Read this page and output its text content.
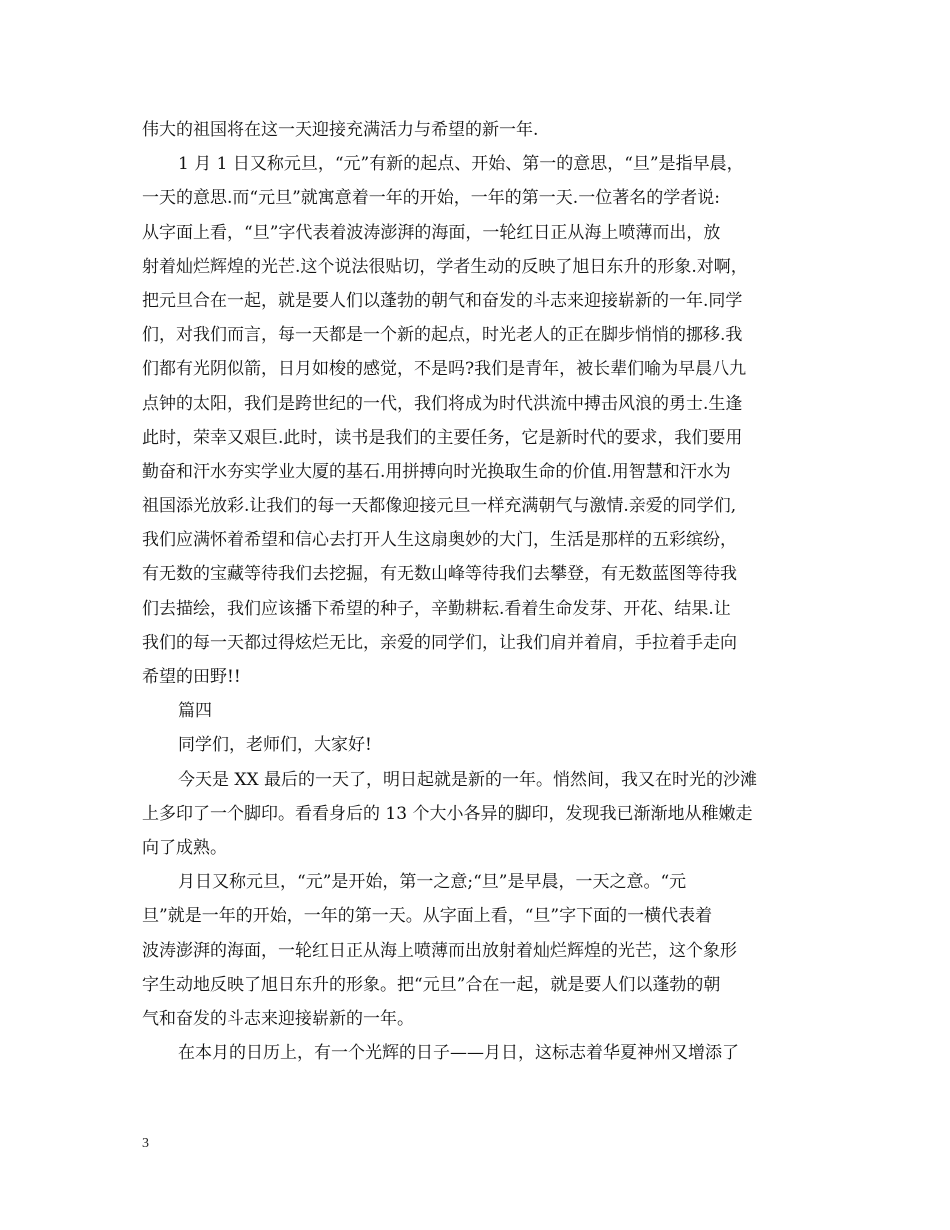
伟大的祖国将在这一天迎接充满活力与希望的新一年.
1 月 1 日又称元旦，“元”有新的起点、开始、第一的意思，“旦”是指早晨，
一天的意思.而“元旦”就寓意着一年的开始，一年的第一天.一位著名的学者说:
从字面上看，“旦”字代表着波涛澎湃的海面，一轮红日正从海上喷薄而出，放
射着灿烂辉煌的光芒.这个说法很贴切，学者生动的反映了旭日东升的形象.对啊，
把元旦合在一起，就是要人们以蓬勃的朝气和奋发的斗志来迎接崭新的一年.同学
们，对我们而言，每一天都是一个新的起点，时光老人的正在脚步悄悄的挪移.我
们都有光阴似箭，日月如梭的感觉，不是吗?我们是青年，被长辈们喻为早晨八九
点钟的太阳，我们是跨世纪的一代，我们将成为时代洪流中搏击风浪的勇士.生逢
此时，荣幸又艰巨.此时，读书是我们的主要任务，它是新时代的要求，我们要用
勤奋和汗水夯实学业大厦的基石.用拼搏向时光换取生命的价值.用智慧和汗水为
祖国添光放彩.让我们的每一天都像迎接元旦一样充满朝气与激情.亲爱的同学们,
我们应满怀着希望和信心去打开人生这扇奥妙的大门，生活是那样的五彩缤纷，
有无数的宝藏等待我们去挖掘，有无数山峰等待我们去攀登，有无数蓝图等待我
们去描绘，我们应该播下希望的种子，辛勤耕耘.看着生命发芽、开花、结果.让
我们的每一天都过得炫烂无比，亲爱的同学们，让我们肩并着肩，手拉着手走向
希望的田野!!
篇四
同学们，老师们，大家好!
今天是 XX 最后的一天了，明日起就是新的一年。悄然间，我又在时光的沙滩
上多印了一个脚印。看看身后的 13 个大小各异的脚印，发现我已渐渐地从稚嫩走
向了成熟。
月日又称元旦，“元”是开始，第一之意;“旦”是早晨，一天之意。“元
旦”就是一年的开始，一年的第一天。从字面上看，“旦”字下面的一横代表着
波涛澎湃的海面，一轮红日正从海上喷薄而出放射着灿烂辉煌的光芒，这个象形
字生动地反映了旭日东升的形象。把“元旦”合在一起，就是要人们以蓬勃的朝
气和奋发的斗志来迎接崭新的一年。
在本月的日历上，有一个光辉的日子——月日，这标志着华夏神州又增添了
3
